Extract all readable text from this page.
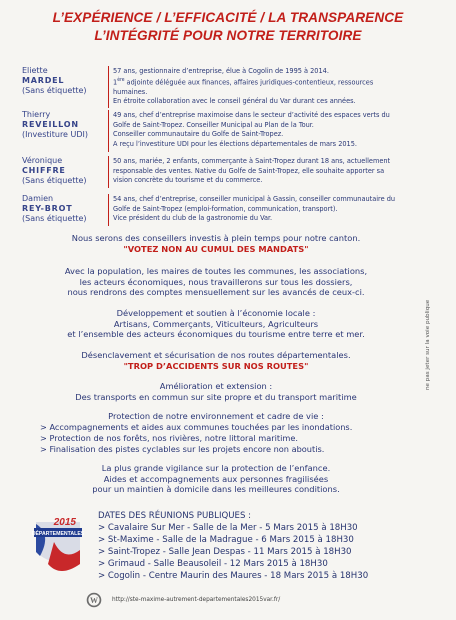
L’EXPÉRIENCE / L’EFFICACITÉ / LA TRANSPARENCE
L’INTÉGRITÉ POUR NOTRE TERRITOIRE
Eliette
MARDEL
(Sans étiquette)
57 ans, gestionnaire d’entreprise, élue à Cogolin de 1995 à 2014.
1ère adjointe déléguée aux finances, affaires juridiques-contentieux, ressources
humaines.
En étroite collaboration avec le conseil général du Var durant ces années.
Thierry
REVEILLON
(Investiture UDI)
49 ans, chef d’entreprise maximoise dans le secteur d’activité des espaces verts du
Golfe de Saint-Tropez. Conseiller Municipal au Plan de la Tour.
Conseiller communautaire du Golfe de Saint-Tropez.
A reçu l’investiture UDI pour les élections départementales de mars 2015.
Véronique
CHIFFRE
(Sans étiquette)
50 ans, mariée, 2 enfants, commerçante à Saint-Tropez durant 18 ans, actuellement
responsable des ventes. Native du Golfe de Saint-Tropez, elle souhaite apporter sa
vision concrète du tourisme et du commerce.
Damien
REY-BROT
(Sans étiquette)
54 ans, chef d’entreprise, conseiller municipal à Gassin, conseiller communautaire du
Golfe de Saint-Tropez (emploi-formation, communication, transport).
Vice président du club de la gastronomie du Var.
Nous serons des conseillers investis à plein temps pour notre canton.
"VOTEZ NON AU CUMUL DES MANDATS"
Avec la population, les maires de toutes les communes, les associations,
les acteurs économiques, nous travaillerons sur tous les dossiers,
nous rendrons des comptes mensuellement sur les avancés de ceux-ci.
Développement et soutien à l’économie locale :
Artisans, Commerçants, Viticulteurs, Agriculteurs
et l’ensemble des acteurs économiques du tourisme entre terre et mer.
Désenclavement et sécurisation de nos routes départementales.
"TROP D’ACCIDENTS SUR NOS ROUTES"
Amélioration et extension :
Des transports en commun sur site propre et du transport maritime
Protection de notre environnement et cadre de vie :
> Accompagnements et aides aux communes touchées par les inondations.
> Protection de nos forêts, nos rivières, notre littoral maritime.
> Finalisation des pistes cyclables sur les projets encore non aboutis.
La plus grande vigilance sur la protection de l’enfance.
Aides et accompagnements aux personnes fragilisées
pour un maintien à domicile dans les meilleures conditions.
DATES DES RÉUNIONS PUBLIQUES :
> Cavalaire Sur Mer - Salle de la Mer - 5 Mars 2015 à 18H30
> St-Maxime - Salle de la Madrague - 6 Mars 2015 à 18H30
> Saint-Tropez - Salle Jean Despas - 11 Mars 2015 à 18H30
> Grimaud - Salle Beausoleil - 12 Mars 2015 à 18H30
> Cogolin - Centre Maurin des Maures - 18 Mars 2015 à 18H30
DÉPARTEMENTALES
2015
ne pas jeter sur la voie publique
W http://ste-maxime-autrement-departementales2015var.fr/
